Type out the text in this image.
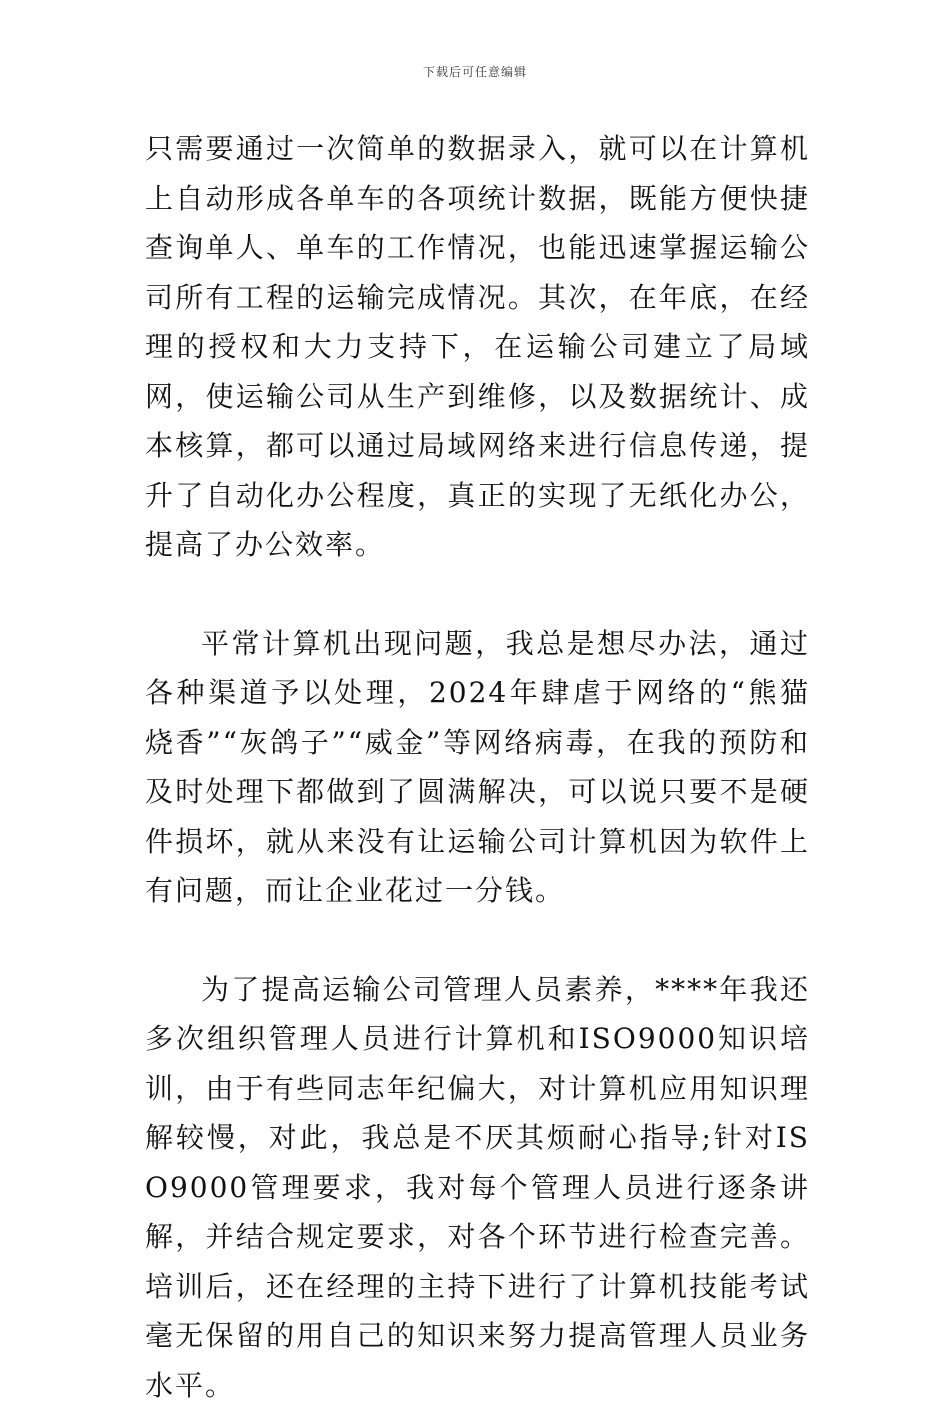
下载后可任意编辑

只需要通过一次简单的数据录入，就可以在计算机上自动形成各单车的各项统计数据，既能方便快捷查询单人、单车的工作情况，也能迅速掌握运输公司所有工程的运输完成情况。其次，在年底，在经理的授权和大力支持下，在运输公司建立了局域网，使运输公司从生产到维修，以及数据统计、成本核算，都可以通过局域网络来进行信息传递，提升了自动化办公程度，真正的实现了无纸化办公，提高了办公效率。

平常计算机出现问题，我总是想尽办法，通过各种渠道予以处理，2024年肆虐于网络的“熊猫烧香”“灰鸽子”“威金”等网络病毒，在我的预防和及时处理下都做到了圆满解决，可以说只要不是硬件损坏，就从来没有让运输公司计算机因为软件上有问题，而让企业花过一分钱。

为了提高运输公司管理人员素养，****年我还多次组织管理人员进行计算机和ISO9000知识培训，由于有些同志年纪偏大，对计算机应用知识理解较慢，对此，我总是不厌其烦耐心指导;针对ISO9000管理要求，我对每个管理人员进行逐条讲解，并结合规定要求，对各个环节进行检查完善。培训后，还在经理的主持下进行了计算机技能考试毫无保留的用自己的知识来努力提高管理人员业务水平。
